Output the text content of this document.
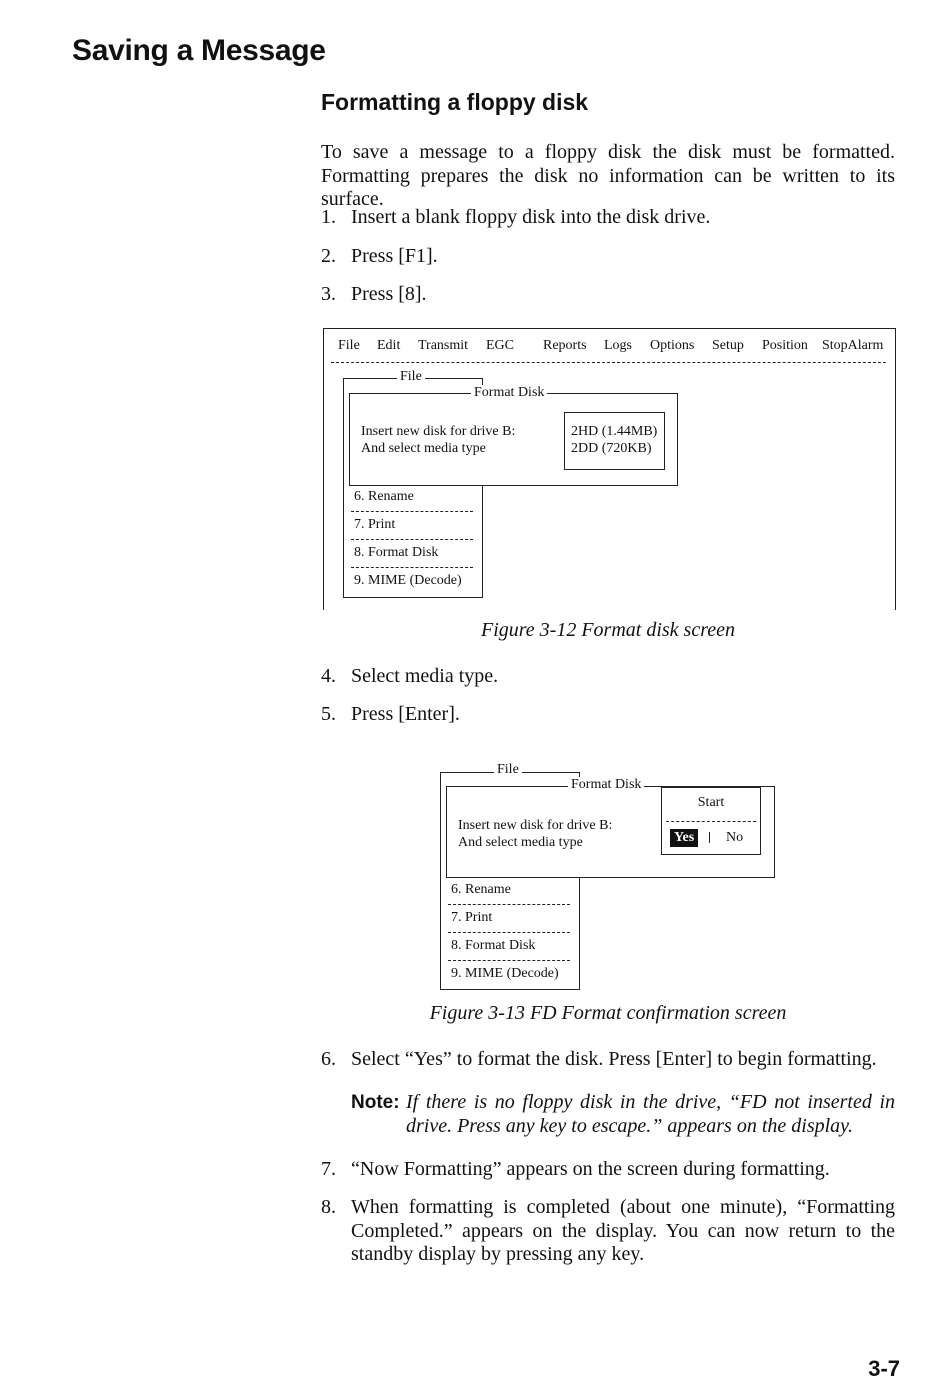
Saving a Message
Formatting a floppy disk
To save a message to a floppy disk the disk must be formatted. Formatting prepares the disk no information can be written to its surface.
1. Insert a blank floppy disk into the disk drive.
2. Press [F1].
3. Press [8].
File Edit Transmit EGC Reports Logs Options Setup Position StopAlarm
File
Format Disk
Insert new disk for drive B:
And select media type
2HD (1.44MB)
2DD (720KB)
6. Rename
7. Print
8. Format Disk
9. MIME (Decode)
Figure 3-12 Format disk screen
4. Select media type.
5. Press [Enter].
File
Format Disk
Insert new disk for drive B:
And select media type
Start
Yes No
6. Rename
7. Print
8. Format Disk
9. MIME (Decode)
Figure 3-13 FD Format confirmation screen
6. Select “Yes” to format the disk. Press [Enter] to begin formatting.
Note: If there is no floppy disk in the drive, “FD not inserted in drive. Press any key to escape.” appears on the display.
7. “Now Formatting” appears on the screen during formatting.
8. When formatting is completed (about one minute), “Formatting Completed.” appears on the display. You can now return to the standby display by pressing any key.
3-7
